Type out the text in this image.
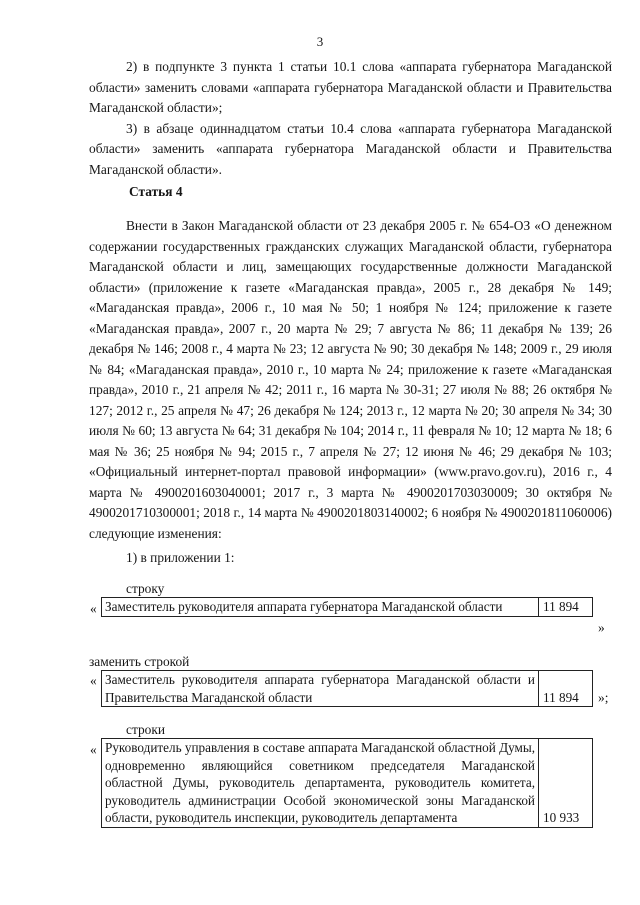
3

2) в подпункте 3 пункта 1 статьи 10.1 слова «аппарата губернатора Магаданской области» заменить словами «аппарата губернатора Магаданской области и Правительства Магаданской области»;

3) в абзаце одиннадцатом статьи 10.4 слова «аппарата губернатора Магаданской области» заменить «аппарата губернатора Магаданской области и Правительства Магаданской области».

Статья 4

Внести в Закон Магаданской области от 23 декабря 2005 г. № 654-ОЗ «О денежном содержании государственных гражданских служащих Магаданской области, губернатора Магаданской области и лиц, замещающих государственные должности Магаданской области» (приложение к газете «Магаданская правда», 2005 г., 28 декабря № 149; «Магаданская правда», 2006 г., 10 мая № 50; 1 ноября № 124; приложение к газете «Магаданская правда», 2007 г., 20 марта № 29; 7 августа № 86; 11 декабря № 139; 26 декабря № 146; 2008 г., 4 марта № 23; 12 августа № 90; 30 декабря № 148; 2009 г., 29 июля № 84; «Магаданская правда», 2010 г., 10 марта № 24; приложение к газете «Магаданская правда», 2010 г., 21 апреля № 42; 2011 г., 16 марта № 30-31; 27 июля № 88; 26 октября № 127; 2012 г., 25 апреля № 47; 26 декабря № 124; 2013 г., 12 марта № 20; 30 апреля № 34; 30 июля № 60; 13 августа № 64; 31 декабря № 104; 2014 г., 11 февраля № 10; 12 марта № 18; 6 мая № 36; 25 ноября № 94; 2015 г., 7 апреля № 27; 12 июня № 46; 29 декабря № 103; «Официальный интернет-портал правовой информации» (www.pravo.gov.ru), 2016 г., 4 марта № 4900201603040001; 2017 г., 3 марта № 4900201703030009; 30 октября № 4900201710300001; 2018 г., 14 марта № 4900201803140002; 6 ноября № 4900201811060006) следующие изменения:

1) в приложении 1:
строку
« Заместитель руководителя аппарата губернатора Магаданской области	11 894
»
заменить строкой
« Заместитель руководителя аппарата губернатора Магаданской области и Правительства Магаданской области	11 894 »;
строки
« Руководитель управления в составе аппарата Магаданской областной Думы, одновременно являющийся советником председателя Магаданской областной Думы, руководитель департамента, руководитель комитета, руководитель администрации Особой экономической зоны Магаданской области, руководитель инспекции, руководитель департамента	10 933
